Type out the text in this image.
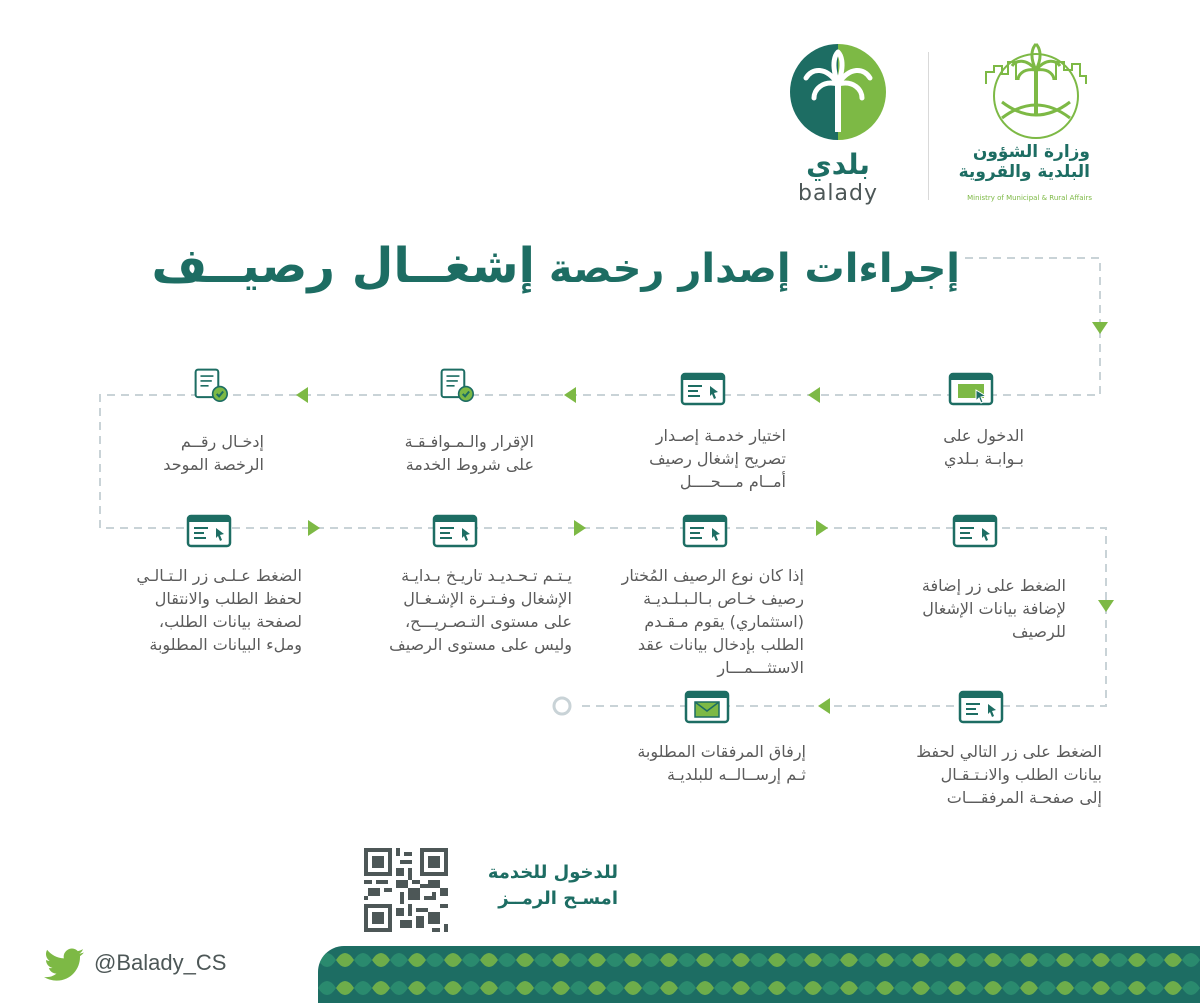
وزارة الشؤون
البلدية والقروية
Ministry of Municipal & Rural Affairs
بلدي
balady
إجراءات إصدار رخصة إشغــال رصيــف
الدخول على
بـوابـة بـلدي
اختيار خدمـة إصـدار
تصريح إشغال رصيف
أمــام مـــحــــل
الإقرار والـمـوافـقـة
على شروط الخدمة
إدخـال رقــم
الرخصة الموحد
الضغط على زر إضافة
لإضافة بيانات الإشغال
للرصيف
إذا كان نوع الرصيف المُختار
رصيف خـاص بـالـبـلـديـة
(استثماري) يقوم مـقـدم
الطلب بإدخال بيانات عقد
الاستثـــمـــار
يـتـم تـحـديـد تاريـخ بـدايـة
الإشغال وفـتـرة الإشـغـال
على مستوى التـصـريـــح،
وليس على مستوى الرصيف
الضغط عـلـى زر الـتـالـي
لحفظ الطلب والانتقال
لصفحة بيانات الطلب،
وملء البيانات المطلوبة
الضغط على زر التالي لحفظ
بيانات الطلب والانـتـقـال
إلى صفحـة المرفقـــات
إرفاق المرفقات المطلوبة
ثـم إرســالــه للبلديـة
للدخول للخدمة
امسـح الرمــز
@Balady_CS
